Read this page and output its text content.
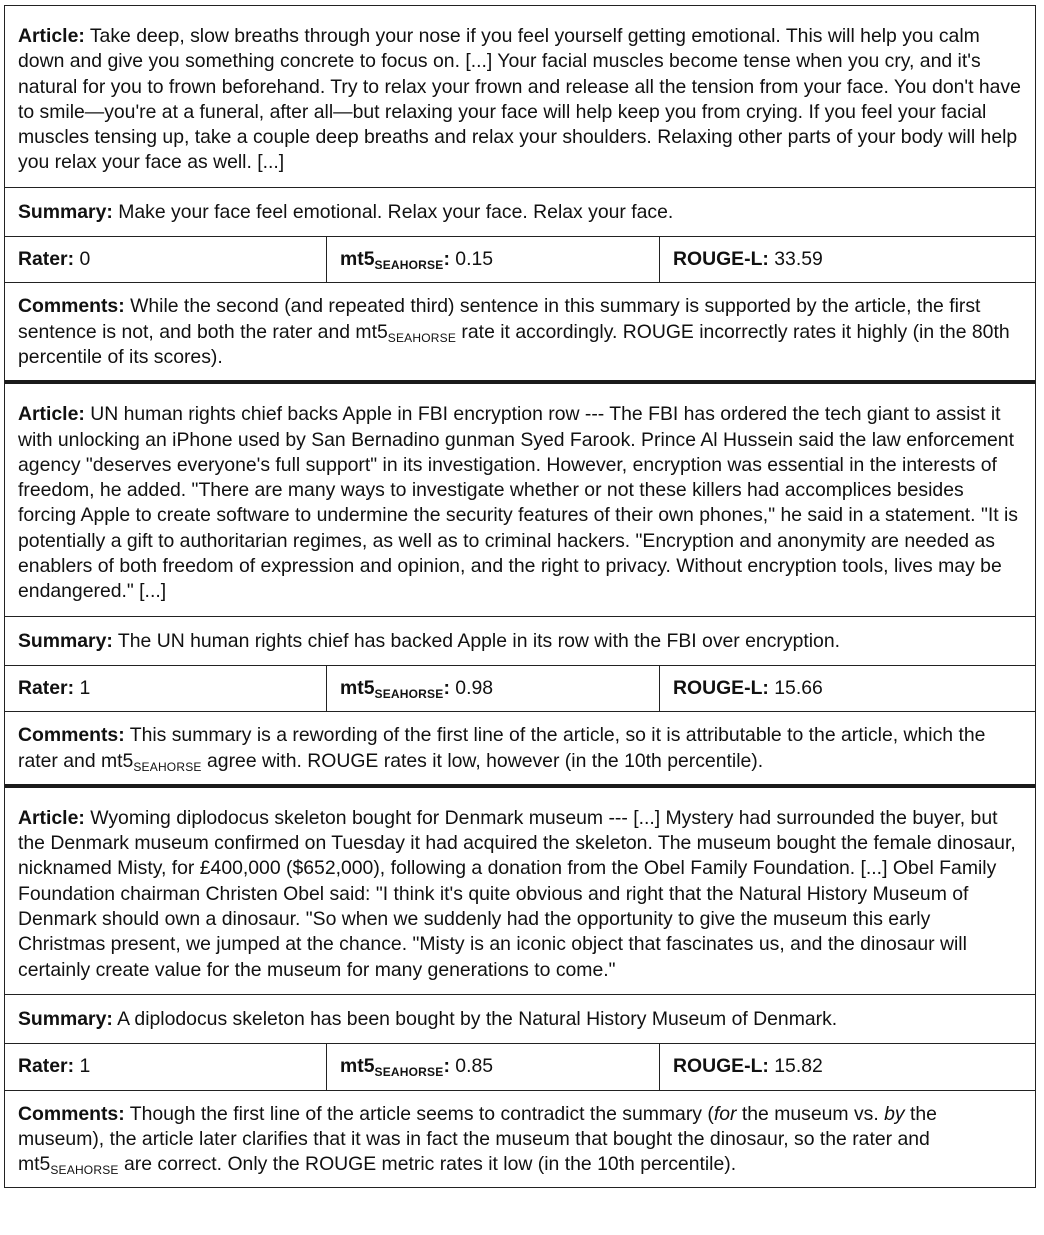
Article: Take deep, slow breaths through your nose if you feel yourself getting emotional. This will help you calm down and give you something concrete to focus on. [...] Your facial muscles become tense when you cry, and it's natural for you to frown beforehand. Try to relax your frown and release all the tension from your face. You don't have to smile—you're at a funeral, after all—but relaxing your face will help keep you from crying. If you feel your facial muscles tensing up, take a couple deep breaths and relax your shoulders. Relaxing other parts of your body will help you relax your face as well. [...]
Summary: Make your face feel emotional. Relax your face. Relax your face.
Rater: 0	$mt5_{SEAHORSE}$: 0.15	ROUGE-L: 33.59
Comments: While the second (and repeated third) sentence in this summary is supported by the article, the first sentence is not, and both the rater and $mt5_{SEAHORSE}$ rate it accordingly. ROUGE incorrectly rates it highly (in the 80th percentile of its scores).
Article: UN human rights chief backs Apple in FBI encryption row --- The FBI has ordered the tech giant to assist it with unlocking an iPhone used by San Bernadino gunman Syed Farook. Prince Al Hussein said the law enforcement agency "deserves everyone's full support" in its investigation. However, encryption was essential in the interests of freedom, he added. "There are many ways to investigate whether or not these killers had accomplices besides forcing Apple to create software to undermine the security features of their own phones," he said in a statement. "It is potentially a gift to authoritarian regimes, as well as to criminal hackers. "Encryption and anonymity are needed as enablers of both freedom of expression and opinion, and the right to privacy. Without encryption tools, lives may be endangered." [...]
Summary: The UN human rights chief has backed Apple in its row with the FBI over encryption.
Rater: 1	$mt5_{SEAHORSE}$: 0.98	ROUGE-L: 15.66
Comments: This summary is a rewording of the first line of the article, so it is attributable to the article, which the rater and $mt5_{SEAHORSE}$ agree with. ROUGE rates it low, however (in the 10th percentile).
Article: Wyoming diplodocus skeleton bought for Denmark museum --- [...] Mystery had surrounded the buyer, but the Denmark museum confirmed on Tuesday it had acquired the skeleton. The museum bought the female dinosaur, nicknamed Misty, for £400,000 ($652,000), following a donation from the Obel Family Foundation. [...] Obel Family Foundation chairman Christen Obel said: "I think it's quite obvious and right that the Natural History Museum of Denmark should own a dinosaur. "So when we suddenly had the opportunity to give the museum this early Christmas present, we jumped at the chance. "Misty is an iconic object that fascinates us, and the dinosaur will certainly create value for the museum for many generations to come."
Summary: A diplodocus skeleton has been bought by the Natural History Museum of Denmark.
Rater: 1	$mt5_{SEAHORSE}$: 0.85	ROUGE-L: 15.82
Comments: Though the first line of the article seems to contradict the summary (for the museum vs. by the museum), the article later clarifies that it was in fact the museum that bought the dinosaur, so the rater and $mt5_{SEAHORSE}$ are correct. Only the ROUGE metric rates it low (in the 10th percentile).
